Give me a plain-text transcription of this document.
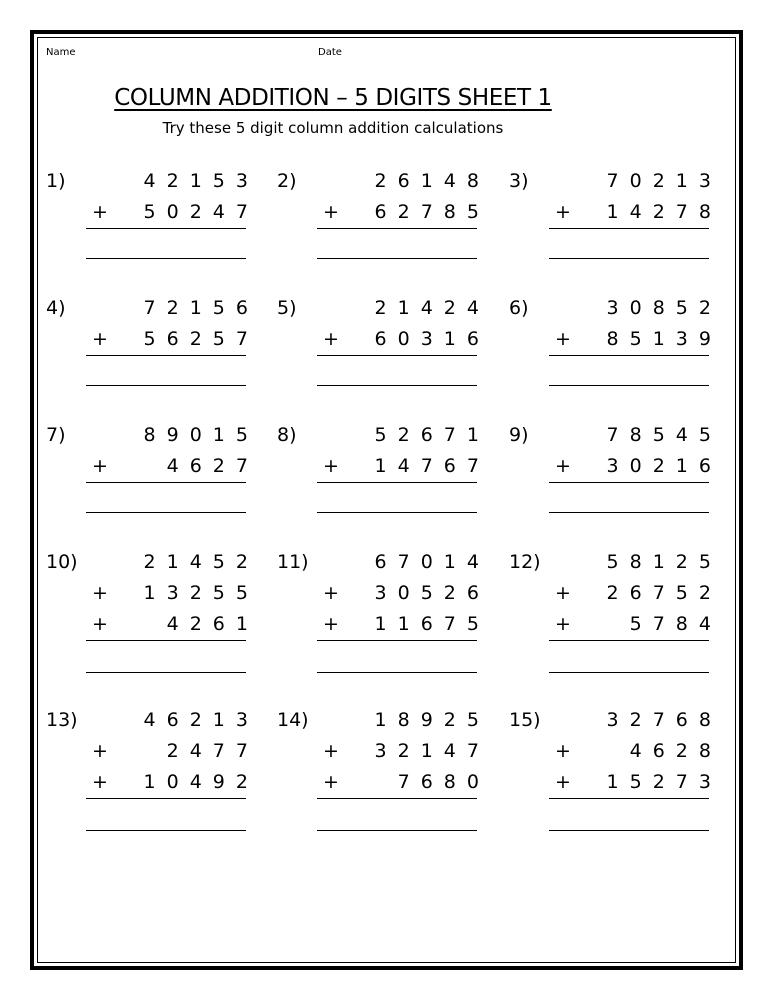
Name	Date
COLUMN ADDITION – 5 DIGITS SHEET 1
Try these 5 digit column addition calculations
1)	42153
+ 50247
2)	26148
+ 62785
3)	70213
+ 14278
4)	72156
+ 56257
5)	21424
+ 60316
6)	30852
+ 85139
7)	89015
+  4627
8)	52671
+ 14767
9)	78545
+ 30216
10)	21452
+ 13255
+  4261
11)	67014
+ 30526
+ 11675
12)	58125
+ 26752
+  5784
13)	46213
+  2477
+ 10492
14)	18925
+ 32147
+  7680
15)	32768
+  4628
+ 15273
